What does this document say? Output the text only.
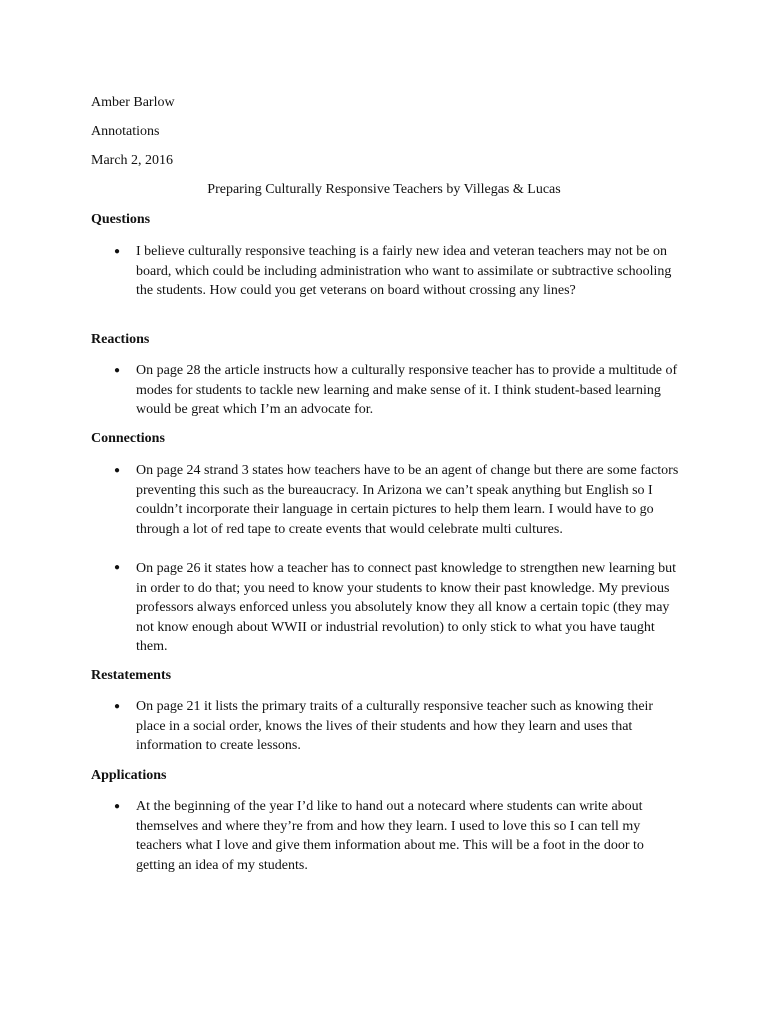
Amber Barlow
Annotations
March 2, 2016
Preparing Culturally Responsive Teachers by Villegas & Lucas
Questions
● I believe culturally responsive teaching is a fairly new idea and veteran teachers may not be on board, which could be including administration who want to assimilate or subtractive schooling the students. How could you get veterans on board without crossing any lines?
Reactions
● On page 28 the article instructs how a culturally responsive teacher has to provide a multitude of modes for students to tackle new learning and make sense of it. I think student-based learning would be great which I’m an advocate for.
Connections
● On page 24 strand 3 states how teachers have to be an agent of change but there are some factors preventing this such as the bureaucracy. In Arizona we can’t speak anything but English so I couldn’t incorporate their language in certain pictures to help them learn. I would have to go through a lot of red tape to create events that would celebrate multi cultures.
● On page 26 it states how a teacher has to connect past knowledge to strengthen new learning but in order to do that; you need to know your students to know their past knowledge. My previous professors always enforced unless you absolutely know they all know a certain topic (they may not know enough about WWII or industrial revolution) to only stick to what you have taught them.
Restatements
● On page 21 it lists the primary traits of a culturally responsive teacher such as knowing their place in a social order, knows the lives of their students and how they learn and uses that information to create lessons.
Applications
● At the beginning of the year I’d like to hand out a notecard where students can write about themselves and where they’re from and how they learn. I used to love this so I can tell my teachers what I love and give them information about me. This will be a foot in the door to getting an idea of my students.
